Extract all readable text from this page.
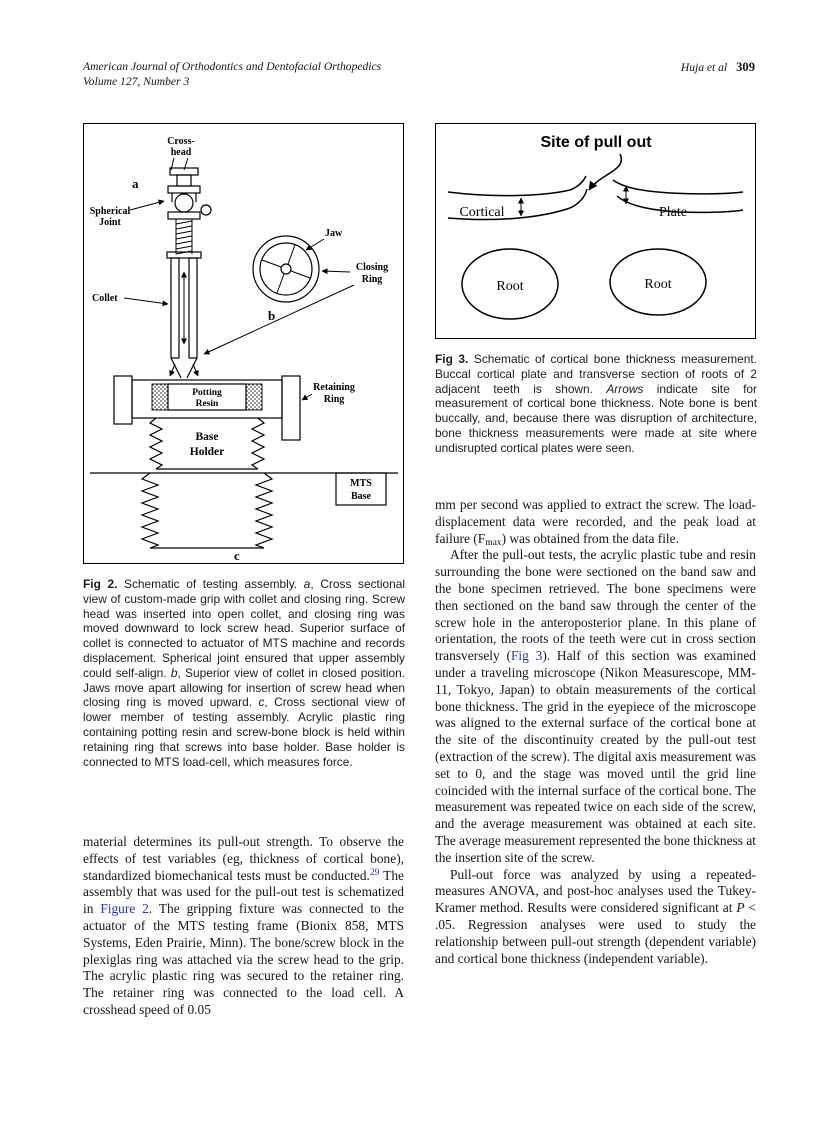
American Journal of Orthodontics and Dentofacial Orthopedics
Volume 127, Number 3
Huja et al 309
Cross-
head
a
Spherical
Joint
Collet
Jaw
Closing
Ring
b
Potting
Resin
Base
Holder
MTS
Base
Retaining
Ring
c
Site of pull out
Cortical	Plate
Root	Root

Fig 2. Schematic of testing assembly. a, Cross sectional view of custom-made grip with collet and closing ring. Screw head was inserted into open collet, and closing ring was moved downward to lock screw head. Superior surface of collet is connected to actuator of MTS machine and records displacement. Spherical joint ensured that upper assembly could self-align. b, Superior view of collet in closed position. Jaws move apart allowing for insertion of screw head when closing ring is moved upward. c, Cross sectional view of lower member of testing assembly. Acrylic plastic ring containing potting resin and screw-bone block is held within retaining ring that screws into base holder. Base holder is connected to MTS load-cell, which measures force.

Fig 3. Schematic of cortical bone thickness measurement. Buccal cortical plate and transverse section of roots of 2 adjacent teeth is shown. Arrows indicate site for measurement of cortical bone thickness. Note bone is bent buccally, and, because there was disruption of architecture, bone thickness measurements were made at site where undisrupted cortical plates were seen.

material determines its pull-out strength. To observe the effects of test variables (eg, thickness of cortical bone), standardized biomechanical tests must be conducted.$^{29}$ The assembly that was used for the pull-out test is schematized in Figure 2. The gripping fixture was connected to the actuator of the MTS testing frame (Bionix 858, MTS Systems, Eden Prairie, Minn). The bone/screw block in the plexiglas ring was attached via the screw head to the grip. The acrylic plastic ring was secured to the retainer ring. The retainer ring was connected to the load cell. A crosshead speed of 0.05

mm per second was applied to extract the screw. The load-displacement data were recorded, and the peak load at failure $(F_{max})$ was obtained from the data file.

After the pull-out tests, the acrylic plastic tube and resin surrounding the bone were sectioned on the band saw and the bone specimen retrieved. The bone specimens were then sectioned on the band saw through the center of the screw hole in the anteroposterior plane. In this plane of orientation, the roots of the teeth were cut in cross section transversely (Fig 3). Half of this section was examined under a traveling microscope (Nikon Measurescope, MM-11, Tokyo, Japan) to obtain measurements of the cortical bone thickness. The grid in the eyepiece of the microscope was aligned to the external surface of the cortical bone at the site of the discontinuity created by the pull-out test (extraction of the screw). The digital axis measurement was set to 0, and the stage was moved until the grid line coincided with the internal surface of the cortical bone. The measurement was repeated twice on each side of the screw, and the average measurement was obtained at each site. The average measurement represented the bone thickness at the insertion site of the screw.

Pull-out force was analyzed by using a repeated-measures ANOVA, and post-hoc analyses used the Tukey-Kramer method. Results were considered significant at P < .05. Regression analyses were used to study the relationship between pull-out strength (dependent variable) and cortical bone thickness (independent variable).
